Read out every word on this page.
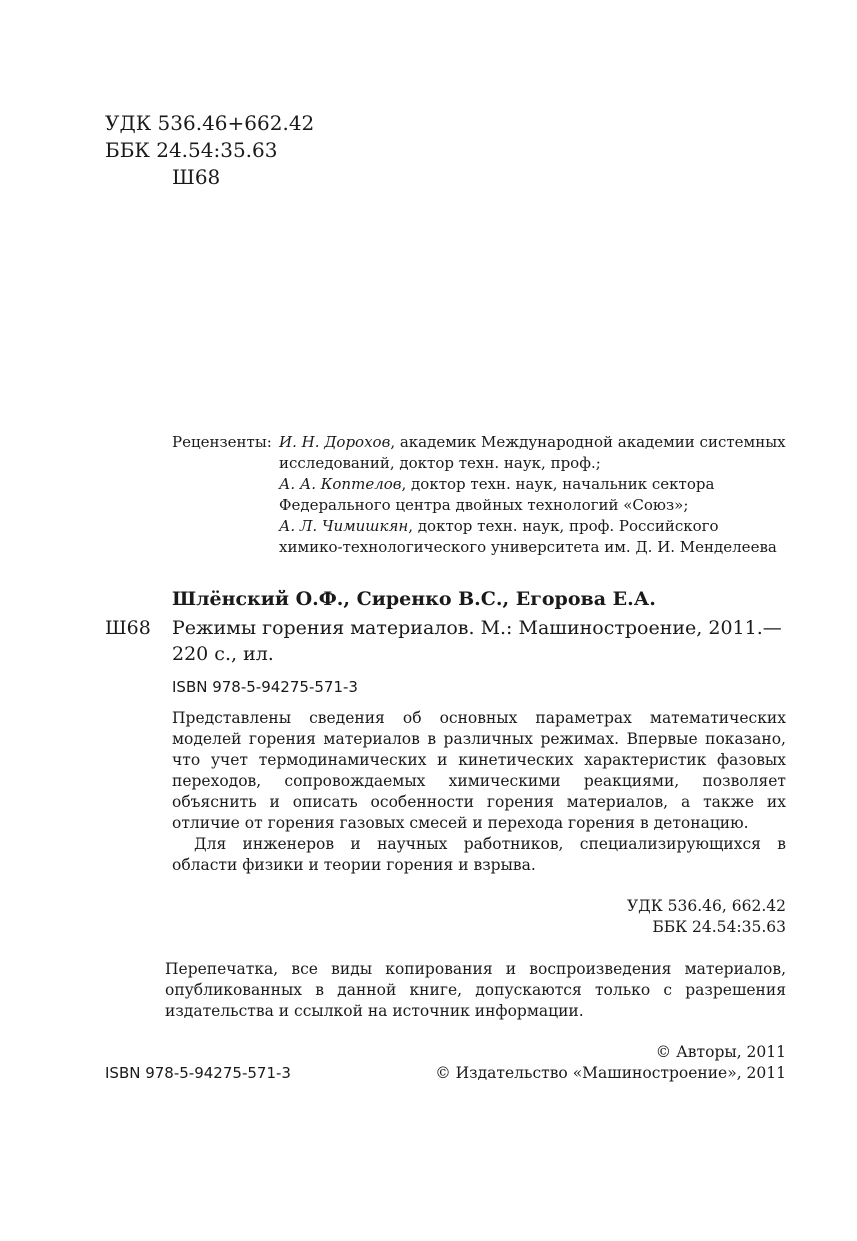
УДК 536.46+662.42
ББК 24.54:35.63
Ш68
Рецензенты: И. Н. Дорохов, академик Международной академии системных
исследований, доктор техн. наук, проф.;
А. А. Коптелов, доктор техн. наук, начальник сектора
Федерального центра двойных технологий «Союз»;
А. Л. Чимишкян, доктор техн. наук, проф. Российского
химико-технологического университета им. Д. И. Менделеева
Шлёнский О.Ф., Сиренко В.С., Егорова Е.А.
Ш68 Режимы горения материалов. М.: Машиностроение, 2011.—
220 с., ил.
ISBN 978-5-94275-571-3

Представлены сведения об основных параметрах математических моделей горения материалов в различных режимах. Впервые показано, что учет термодинамических и кинетических характеристик фазовых переходов, сопровождаемых химическими реакциями, позволяет объяснить и описать особенности горения материалов, а также их отличие от горения газовых смесей и перехода горения в детонацию.

Для инженеров и научных работников, специализирующихся в области физики и теории горения и взрыва.

УДК 536.46, 662.42
ББК 24.54:35.63
Перепечатка, все виды копирования и воспроизведения материалов, опубликованных в данной книге, допускаются только с разрешения издательства и ссылкой на источник информации.
© Авторы, 2011
© Издательство «Машиностроение», 2011
ISBN 978-5-94275-571-3
